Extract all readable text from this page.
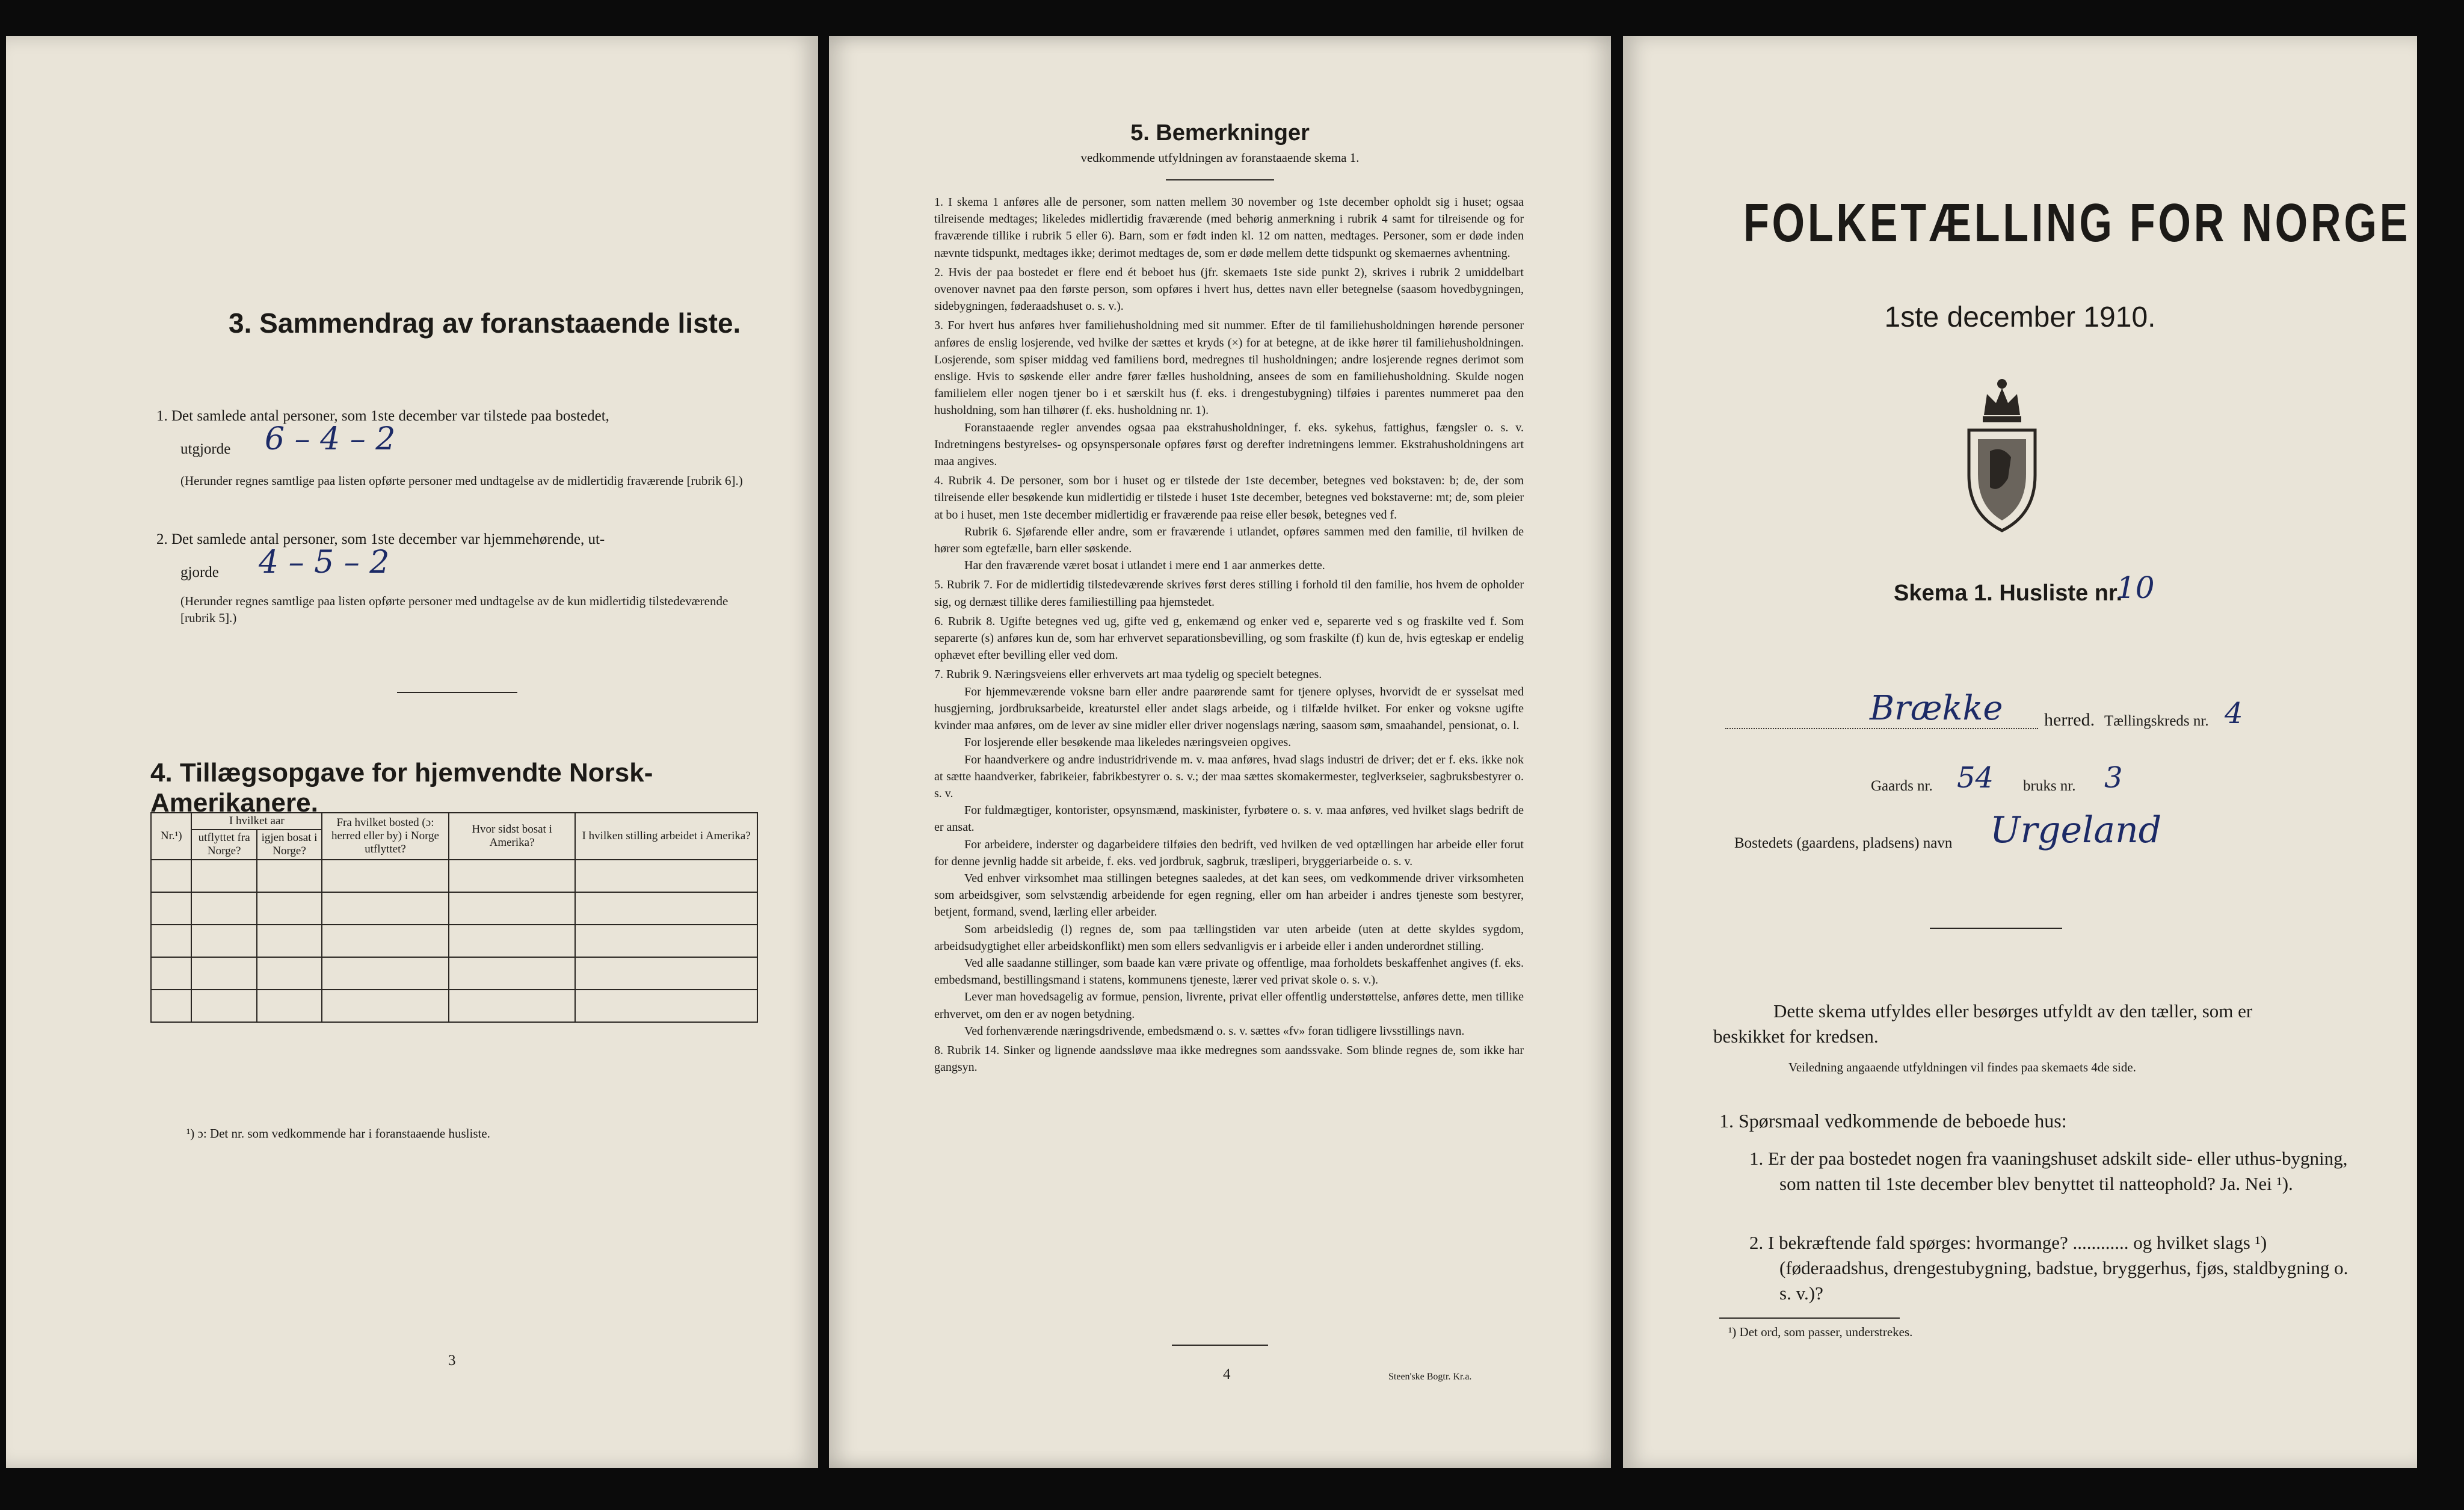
3. Sammendrag av foranstaaende liste.
1. Det samlede antal personer, som 1ste december var tilstede paa bostedet,
utgjorde 6 – 4 – 2
(Herunder regnes samtlige paa listen opførte personer med undtagelse av de midlertidig fraværende [rubrik 6].)
2. Det samlede antal personer, som 1ste december var hjemmehørende, ut-
gjorde 4 – 5 – 2
(Herunder regnes samtlige paa listen opførte personer med undtagelse av de kun midlertidig tilstedeværende [rubrik 5].)
4. Tillægsopgave for hjemvendte Norsk-Amerikanere.
Nr.¹)	I hvilket aar		Fra hvilket bosted (ɔ: herred eller by) i Norge utflyttet?	Hvor sidst bosat i Amerika?	I hvilken stilling arbeidet i Amerika?
	utflyttet fra Norge?	igjen bosat i Norge?			

¹) ɔ: Det nr. som vedkommende har i foranstaaende husliste.
3
5. Bemerkninger
vedkommende utfyldningen av foranstaaende skema 1.

1. I skema 1 anføres alle de personer, som natten mellem 30 november og 1ste december opholdt sig i huset; ogsaa tilreisende medtages; likeledes midlertidig fraværende (med behørig anmerkning i rubrik 4 samt for tilreisende og for fraværende tillike i rubrik 5 eller 6). Barn, som er født inden kl. 12 om natten, medtages. Personer, som er døde inden nævnte tidspunkt, medtages ikke; derimot medtages de, som er døde mellem dette tidspunkt og skemaernes avhentning.

2. Hvis der paa bostedet er flere end ét beboet hus (jfr. skemaets 1ste side punkt 2), skrives i rubrik 2 umiddelbart ovenover navnet paa den første person, som opføres i hvert hus, dettes navn eller betegnelse (saasom hovedbygningen, sidebygningen, føderaadshuset o. s. v.).

3. For hvert hus anføres hver familiehusholdning med sit nummer. Efter de til familiehusholdningen hørende personer anføres de enslig losjerende, ved hvilke der sættes et kryds (×) for at betegne, at de ikke hører til familiehusholdningen. Losjerende, som spiser middag ved familiens bord, medregnes til husholdningen; andre losjerende regnes derimot som enslige. Hvis to søskende eller andre fører fælles husholdning, ansees de som en familiehusholdning. Skulde nogen familielem eller nogen tjener bo i et særskilt hus (f. eks. i drengestubygning) tilføies i parentes nummeret paa den husholdning, som han tilhører (f. eks. husholdning nr. 1).

Foranstaaende regler anvendes ogsaa paa ekstrahusholdninger, f. eks. sykehus, fattighus, fængsler o. s. v. Indretningens bestyrelses- og opsynspersonale opføres først og derefter indretningens lemmer. Ekstrahusholdningens art maa angives.

4. Rubrik 4. De personer, som bor i huset og er tilstede der 1ste december, betegnes ved bokstaven: b; de, der som tilreisende eller besøkende kun midlertidig er tilstede i huset 1ste december, betegnes ved bokstaverne: mt; de, som pleier at bo i huset, men 1ste december midlertidig er fraværende paa reise eller besøk, betegnes ved f.

Rubrik 6. Sjøfarende eller andre, som er fraværende i utlandet, opføres sammen med den familie, til hvilken de hører som egtefælle, barn eller søskende.

Har den fraværende været bosat i utlandet i mere end 1 aar anmerkes dette.

5. Rubrik 7. For de midlertidig tilstedeværende skrives først deres stilling i forhold til den familie, hos hvem de opholder sig, og dernæst tillike deres familiestilling paa hjemstedet.

6. Rubrik 8. Ugifte betegnes ved ug, gifte ved g, enkemænd og enker ved e, separerte ved s og fraskilte ved f. Som separerte (s) anføres kun de, som har erhvervet separationsbevilling, og som fraskilte (f) kun de, hvis egteskap er endelig ophævet efter bevilling eller ved dom.

7. Rubrik 9. Næringsveiens eller erhvervets art maa tydelig og specielt betegnes.

For hjemmeværende voksne barn eller andre paarørende samt for tjenere oplyses, hvorvidt de er sysselsat med husgjerning, jordbruksarbeide, kreaturstel eller andet slags arbeide, og i tilfælde hvilket. For enker og voksne ugifte kvinder maa anføres, om de lever av sine midler eller driver nogenslags næring, saasom søm, smaahandel, pensionat, o. l.

For losjerende eller besøkende maa likeledes næringsveien opgives.

For haandverkere og andre industridrivende m. v. maa anføres, hvad slags industri de driver; det er f. eks. ikke nok at sætte haandverker, fabrikeier, fabrikbestyrer o. s. v.; der maa sættes skomakermester, teglverkseier, sagbruksbestyrer o. s. v.

For fuldmægtiger, kontorister, opsynsmænd, maskinister, fyrbøtere o. s. v. maa anføres, ved hvilket slags bedrift de er ansat.

For arbeidere, inderster og dagarbeidere tilføies den bedrift, ved hvilken de ved optællingen har arbeide eller forut for denne jevnlig hadde sit arbeide, f. eks. ved jordbruk, sagbruk, træsliperi, bryggeriarbeide o. s. v.

Ved enhver virksomhet maa stillingen betegnes saaledes, at det kan sees, om vedkommende driver virksomheten som arbeidsgiver, som selvstændig arbeidende for egen regning, eller om han arbeider i andres tjeneste som bestyrer, betjent, formand, svend, lærling eller arbeider.

Som arbeidsledig (l) regnes de, som paa tællingstiden var uten arbeide (uten at dette skyldes sygdom, arbeidsudygtighet eller arbeidskonflikt) men som ellers sedvanligvis er i arbeide eller i anden underordnet stilling.

Ved alle saadanne stillinger, som baade kan være private og offentlige, maa forholdets beskaffenhet angives (f. eks. embedsmand, bestillingsmand i statens, kommunens tjeneste, lærer ved privat skole o. s. v.).

Lever man hovedsagelig av formue, pension, livrente, privat eller offentlig understøttelse, anføres dette, men tillike erhvervet, om den er av nogen betydning.

Ved forhenværende næringsdrivende, embedsmænd o. s. v. sættes «fv» foran tidligere livsstillings navn.

8. Rubrik 14. Sinker og lignende aandssløve maa ikke medregnes som aandssvake. Som blinde regnes de, som ikke har gangsyn.

4	Steen'ske Bogtr. Kr.a.
FOLKETÆLLING FOR NORGE
1ste december 1910.
Skema 1. Husliste nr.
10
Brække herred. Tællingskreds nr. 4
Gaards nr. 54 bruks nr. 3
Bostedets (gaardens, pladsens) navn Urgeland
Dette skema utfyldes eller besørges utfyldt av den tæller, som er beskikket for kredsen.
Veiledning angaaende utfyldningen vil findes paa skemaets 4de side.
1. Spørsmaal vedkommende de beboede hus:
1. Er der paa bostedet nogen fra vaaningshuset adskilt side- eller uthus-bygning, som natten til 1ste december blev benyttet til natteophold? Ja. Nei ¹).
2. I bekræftende fald spørges: hvormange? ............ og hvilket slags ¹) (føderaadshus, drengestubygning, badstue, bryggerhus, fjøs, staldbygning o. s. v.)?
¹) Det ord, som passer, understrekes.
